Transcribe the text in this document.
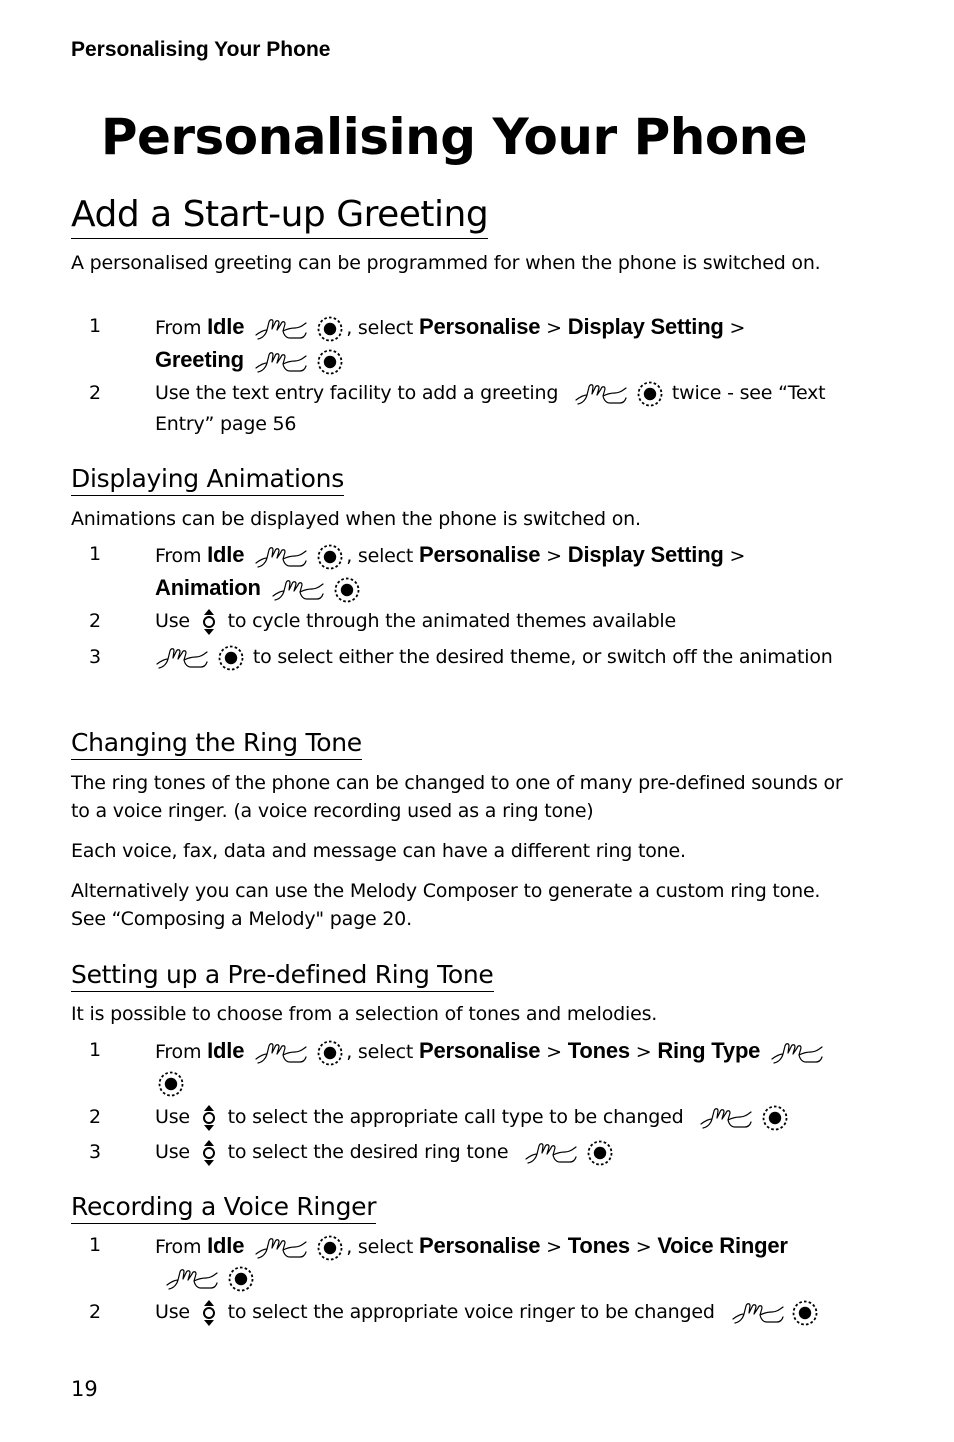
Personalising Your Phone
Personalising Your Phone
Add a Start-up Greeting
A personalised greeting can be programmed for when the phone is switched on.
1	From Idle	, select Personalise > Display Setting >
Greeting
2	Use the text entry facility to add a greeting	twice - see “Text Entry” page 56
Displaying Animations
Animations can be displayed when the phone is switched on.
1	From Idle	, select Personalise > Display Setting >
Animation
2	Use  to cycle through the animated themes available
3	to select either the desired theme, or switch off the animation
Changing the Ring Tone
The ring tones of the phone can be changed to one of many pre-defined sounds or to a voice ringer. (a voice recording used as a ring tone)
Each voice, fax, data and message can have a different ring tone.
Alternatively you can use the Melody Composer to generate a custom ring tone. See “Composing a Melody" page 20.
Setting up a Pre-defined Ring Tone
It is possible to choose from a selection of tones and melodies.
1	From Idle	, select Personalise > Tones > Ring Type
2	Use  to select the appropriate call type to be changed
3	Use  to select the desired ring tone
Recording a Voice Ringer
1	From Idle	, select Personalise > Tones > Voice Ringer
2	Use  to select the appropriate voice ringer to be changed
19
